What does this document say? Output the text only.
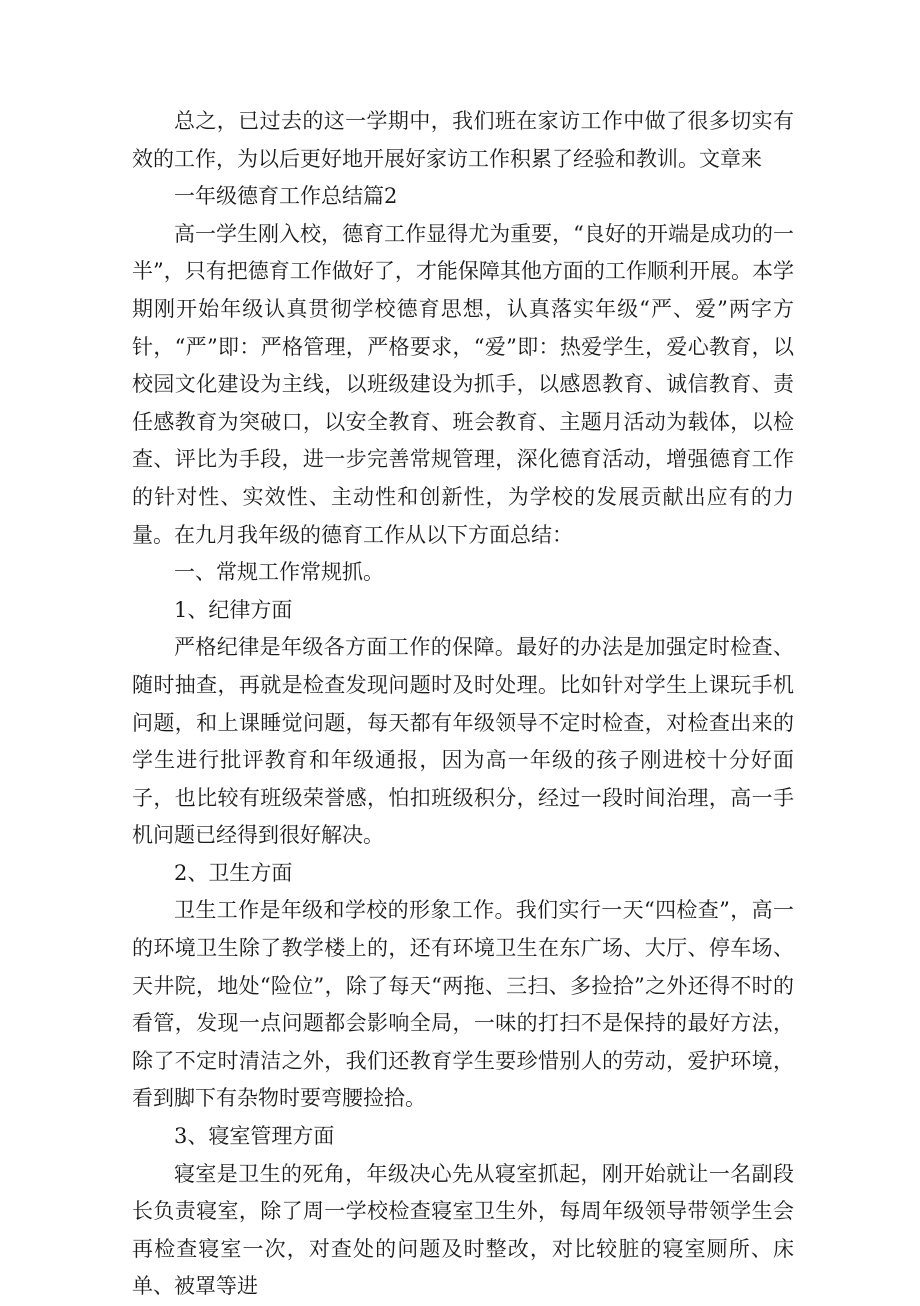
总之，已过去的这一学期中，我们班在家访工作中做了很多切实有效的工作，为以后更好地开展好家访工作积累了经验和教训。文章来

一年级德育工作总结篇2

高一学生刚入校，德育工作显得尤为重要，“良好的开端是成功的一半”，只有把德育工作做好了，才能保障其他方面的工作顺利开展。本学期刚开始年级认真贯彻学校德育思想，认真落实年级“严、爱”两字方针，“严”即：严格管理，严格要求，“爱”即：热爱学生，爱心教育，以校园文化建设为主线，以班级建设为抓手，以感恩教育、诚信教育、责任感教育为突破口，以安全教育、班会教育、主题月活动为载体，以检查、评比为手段，进一步完善常规管理，深化德育活动，增强德育工作的针对性、实效性、主动性和创新性，为学校的发展贡献出应有的力量。在九月我年级的德育工作从以下方面总结：

一、常规工作常规抓。

1、纪律方面

严格纪律是年级各方面工作的保障。最好的办法是加强定时检查、随时抽查，再就是检查发现问题时及时处理。比如针对学生上课玩手机问题，和上课睡觉问题，每天都有年级领导不定时检查，对检查出来的学生进行批评教育和年级通报，因为高一年级的孩子刚进校十分好面子，也比较有班级荣誉感，怕扣班级积分，经过一段时间治理，高一手机问题已经得到很好解决。

2、卫生方面

卫生工作是年级和学校的形象工作。我们实行一天“四检查”，高一的环境卫生除了教学楼上的，还有环境卫生在东广场、大厅、停车场、天井院，地处“险位”，除了每天“两拖、三扫、多捡拾”之外还得不时的看管，发现一点问题都会影响全局，一味的打扫不是保持的最好方法，除了不定时清洁之外，我们还教育学生要珍惜别人的劳动，爱护环境，看到脚下有杂物时要弯腰捡拾。

3、寝室管理方面

寝室是卫生的死角，年级决心先从寝室抓起，刚开始就让一名副段长负责寝室，除了周一学校检查寝室卫生外，每周年级领导带领学生会再检查寝室一次，对查处的问题及时整改，对比较脏的寝室厕所、床单、被罩等进
